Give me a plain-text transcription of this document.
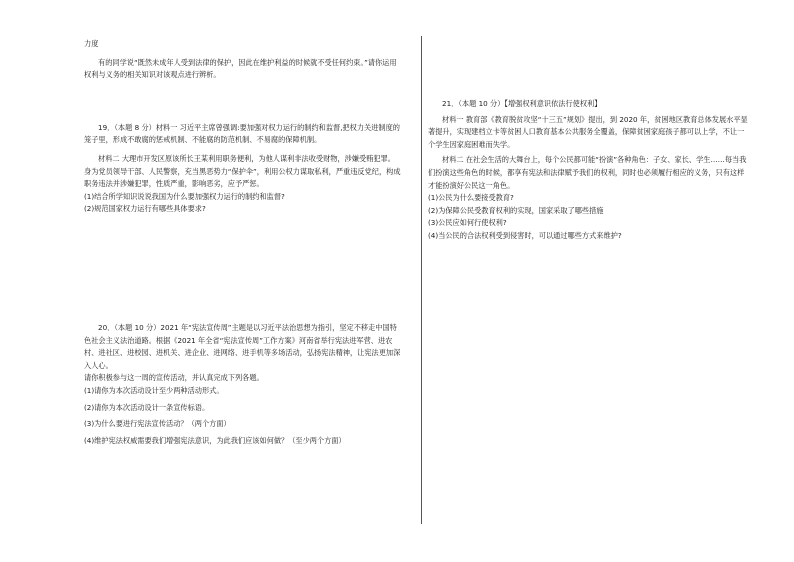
力度

有的同学说“既然未成年人受到法律的保护，因此在维护利益的时候就不受任何约束。”请你运用权利与义务的相关知识对该观点进行辨析。

19．（本题 8 分）材料一 习近平主席曾强调:要加强对权力运行的制约和监督,把权力关进制度的笼子里，形成不敢腐的惩戒机制、不能腐的防范机制、不易腐的保障机制。

材料二 大理市开发区原该所长王某利用职务便利，为他人谋利非法收受财物，涉嫌受贿犯罪。身为党员领导干部、人民警察，充当黑恶势力“保护伞”，利用公权力谋取私利，严重违反党纪，构成职务违法并涉嫌犯罪，性质严重，影响恶劣，应予严惩。

(1)结合所学知识说说我国为什么要加强权力运行的制约和监督?

(2)规范国家权力运行有哪些具体要求?

20．（本题 10 分）2021 年“宪法宣传周”主题是以习近平法治思想为指引，坚定不移走中国特色社会主义法治道路。根据《2021 年全省“宪法宣传周”工作方案》河南省举行宪法进军营、进农村、进社区、进校园、进机关、进企业、进网络、进手机等多场活动，弘扬宪法精神，让宪法更加深入人心。

请你积极参与这一周的宣传活动，并认真完成下列各题。

(1)请你为本次活动设计至少两种活动形式。

(2)请你为本次活动设计一条宣传标语。

(3)为什么要进行宪法宣传活动？（两个方面）

(4)维护宪法权威需要我们增强宪法意识，为此我们应该如何做？（至少两个方面）

21．（本题 10 分）【增强权利意识依法行使权利】

材料一 教育部《教育脱贫攻坚“十三五”规划》提出，到 2020 年，贫困地区教育总体发展水平显著提升，实现建档立卡等贫困人口教育基本公共服务全覆盖，保障贫困家庭孩子都可以上学，不让一个学生因家庭困难而失学。

材料二 在社会生活的大舞台上，每个公民都可能“扮演”各种角色：子女、家长、学生……每当我们扮演这些角色的时候，都享有宪法和法律赋予我们的权利，同时也必须履行相应的义务，只有这样才能扮演好公民这一角色。

(1)公民为什么要接受教育?

(2)为保障公民受教育权利的实现，国家采取了哪些措施

(3)公民应如何行使权利?

(4)当公民的合法权利受到侵害时，可以通过哪些方式来维护?
